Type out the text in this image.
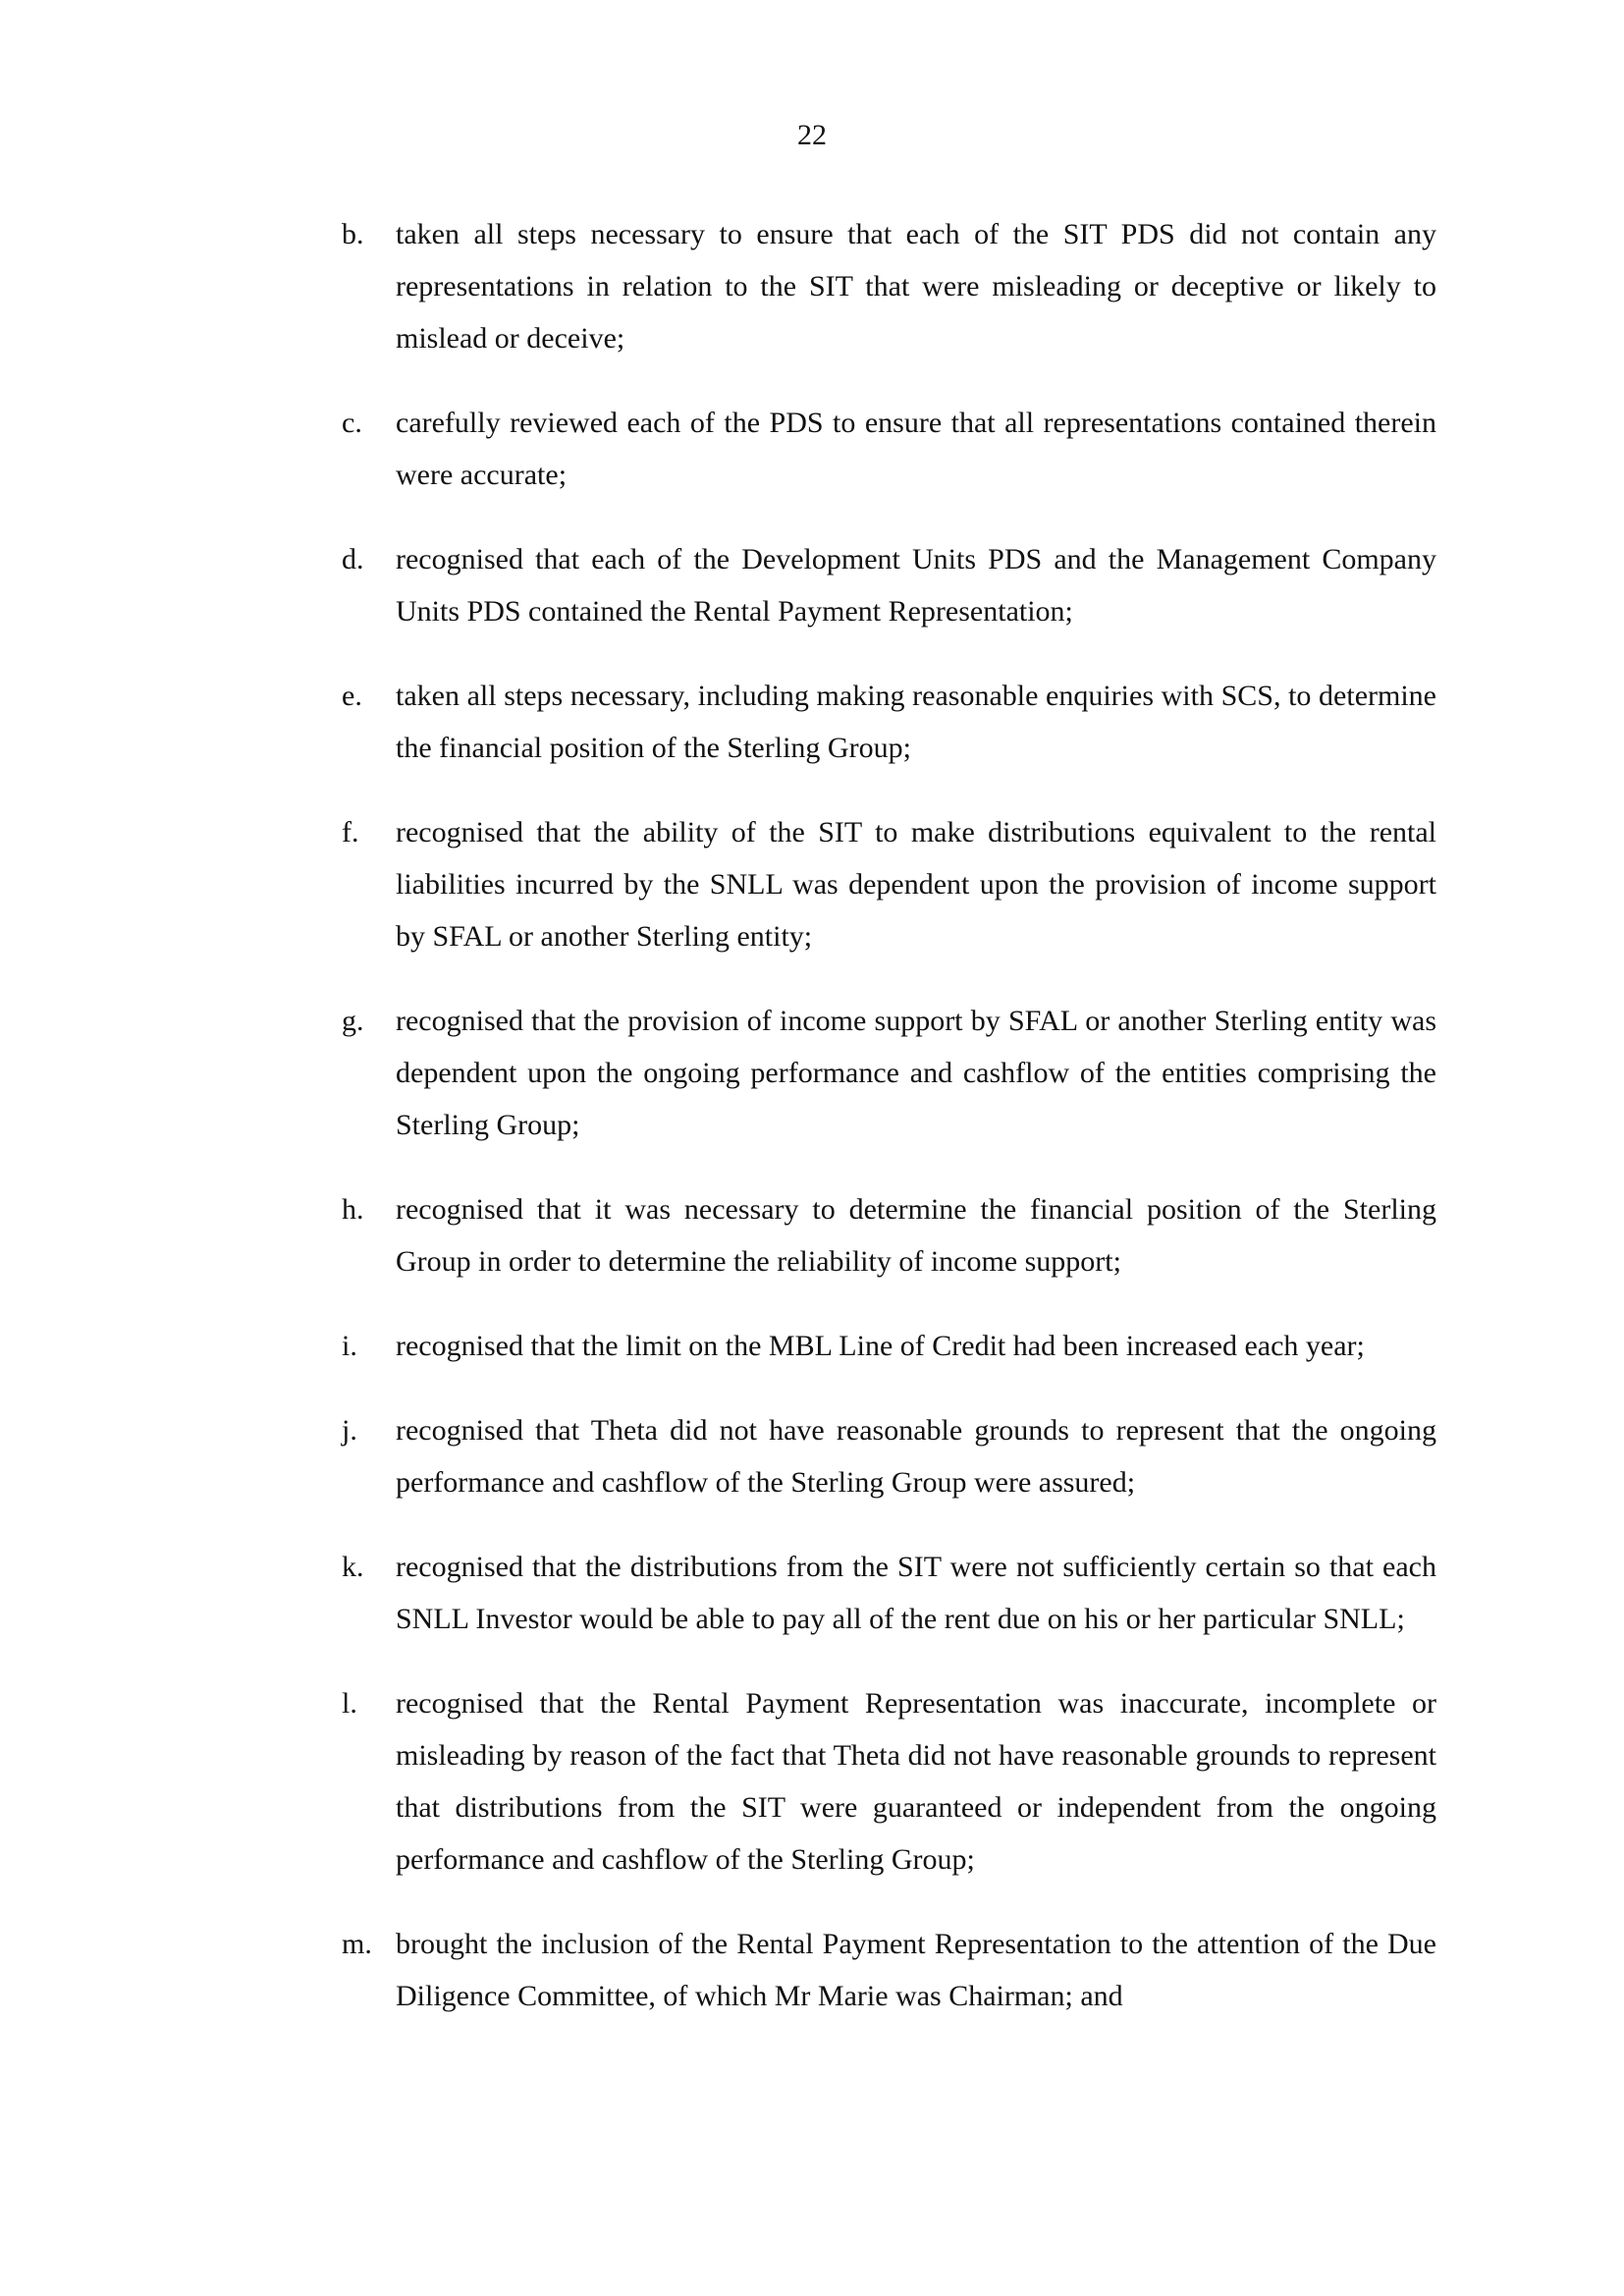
22
b.	taken all steps necessary to ensure that each of the SIT PDS did not contain any representations in relation to the SIT that were misleading or deceptive or likely to mislead or deceive;
c.	carefully reviewed each of the PDS to ensure that all representations contained therein were accurate;
d.	recognised that each of the Development Units PDS and the Management Company Units PDS contained the Rental Payment Representation;
e.	taken all steps necessary, including making reasonable enquiries with SCS, to determine the financial position of the Sterling Group;
f.	recognised that the ability of the SIT to make distributions equivalent to the rental liabilities incurred by the SNLL was dependent upon the provision of income support by SFAL or another Sterling entity;
g.	recognised that the provision of income support by SFAL or another Sterling entity was dependent upon the ongoing performance and cashflow of the entities comprising the Sterling Group;
h.	recognised that it was necessary to determine the financial position of the Sterling Group in order to determine the reliability of income support;
i.	recognised that the limit on the MBL Line of Credit had been increased each year;
j.	recognised that Theta did not have reasonable grounds to represent that the ongoing performance and cashflow of the Sterling Group were assured;
k.	recognised that the distributions from the SIT were not sufficiently certain so that each SNLL Investor would be able to pay all of the rent due on his or her particular SNLL;
l.	recognised that the Rental Payment Representation was inaccurate, incomplete or misleading by reason of the fact that Theta did not have reasonable grounds to represent that distributions from the SIT were guaranteed or independent from the ongoing performance and cashflow of the Sterling Group;
m. brought the inclusion of the Rental Payment Representation to the attention of the Due Diligence Committee, of which Mr Marie was Chairman; and
